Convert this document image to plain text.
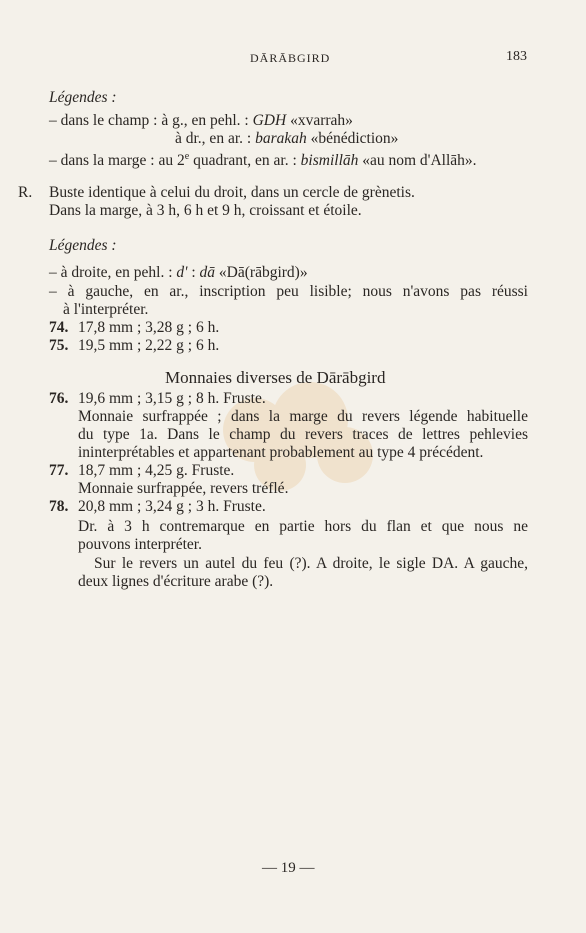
DĀRĀBGIRD	183
Légendes :
– dans le champ : à g., en pehl. : GDH «xvarrah»
à dr., en ar. : barakah «bénédiction»
– dans la marge : au 2e quadrant, en ar. : bismillāh «au nom d'Allāh».
R. Buste identique à celui du droit, dans un cercle de grènetis.
Dans la marge, à 3 h, 6 h et 9 h, croissant et étoile.
Légendes :
– à droite, en pehl. : d' : dā «Dā(rābgird)»
– à gauche, en ar., inscription peu lisible; nous n'avons pas réussi
à l'interpréter.
74. 17,8 mm ; 3,28 g ; 6 h.
75. 19,5 mm ; 2,22 g ; 6 h.
Monnaies diverses de Dārābgird
76. 19,6 mm ; 3,15 g ; 8 h. Fruste.
Monnaie surfrappée ; dans la marge du revers légende habituelle
du type 1a. Dans le champ du revers traces de lettres pehlevies
ininterprétables et appartenant probablement au type 4 précédent.
77. 18,7 mm ; 4,25 g. Fruste.
Monnaie surfrappée, revers tréflé.
78. 20,8 mm ; 3,24 g ; 3 h. Fruste.
Dr. à 3 h contremarque en partie hors du flan et que nous ne
pouvons interpréter.
Sur le revers un autel du feu (?). A droite, le sigle DA. A gauche,
deux lignes d'écriture arabe (?).
— 19 —
